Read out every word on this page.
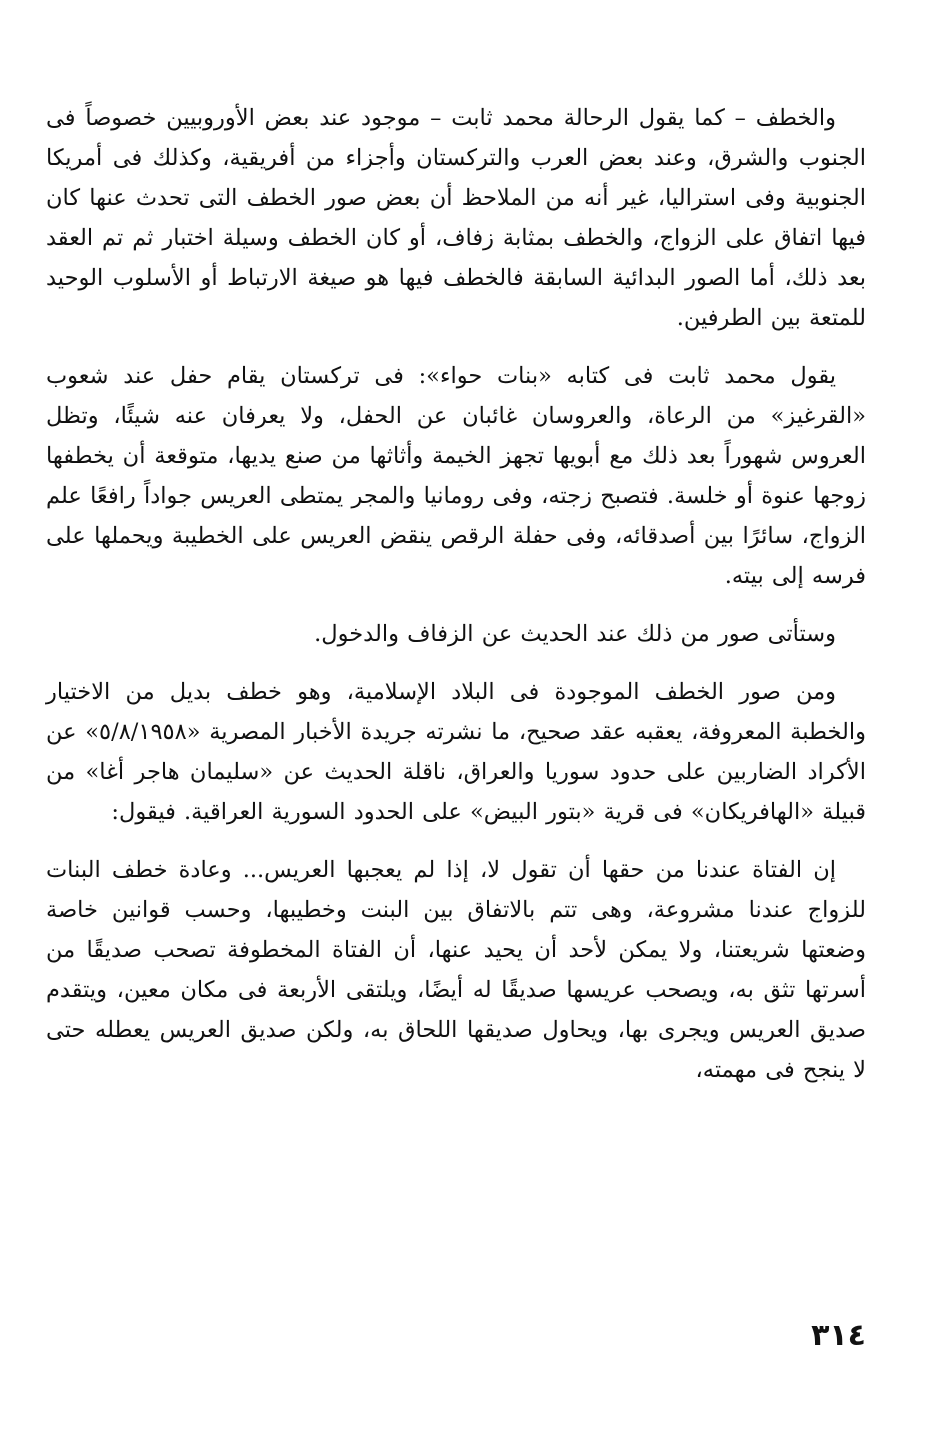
والخطف – كما يقول الرحالة محمد ثابت – موجود عند بعض الأوروبيين خصوصاً فى الجنوب والشرق، وعند بعض العرب والتركستان وأجزاء من أفريقية، وكذلك فى أمريكا الجنوبية وفى استراليا، غير أنه من الملاحظ أن بعض صور الخطف التى تحدث عنها كان فيها اتفاق على الزواج، والخطف بمثابة زفاف، أو كان الخطف وسيلة اختبار ثم تم العقد بعد ذلك، أما الصور البدائية السابقة فالخطف فيها هو صيغة الارتباط أو الأسلوب الوحيد للمتعة بين الطرفين.

يقول محمد ثابت فى كتابه «بنات حواء»: فى تركستان يقام حفل عند شعوب «القرغيز» من الرعاة، والعروسان غائبان عن الحفل، ولا يعرفان عنه شيئًا، وتظل العروس شهوراً بعد ذلك مع أبويها تجهز الخيمة وأثاثها من صنع يديها، متوقعة أن يخطفها زوجها عنوة أو خلسة. فتصبح زجته، وفى رومانيا والمجر يمتطى العريس جواداً رافعًا علم الزواج، سائرًا بين أصدقائه، وفى حفلة الرقص ينقض العريس على الخطيبة ويحملها على فرسه إلى بيته.

وستأتى صور من ذلك عند الحديث عن الزفاف والدخول.

ومن صور الخطف الموجودة فى البلاد الإسلامية، وهو خطف بديل من الاختيار والخطبة المعروفة، يعقبه عقد صحيح، ما نشرته جريدة الأخبار المصرية «٥/٨/١٩٥٨» عن الأكراد الضاربين على حدود سوريا والعراق، ناقلة الحديث عن «سليمان هاجر أغا» من قبيلة «الهافريكان» فى قرية «بتور البيض» على الحدود السورية العراقية. فيقول:

إن الفتاة عندنا من حقها أن تقول لا، إذا لم يعجبها العريس... وعادة خطف البنات للزواج عندنا مشروعة، وهى تتم بالاتفاق بين البنت وخطيبها، وحسب قوانين خاصة وضعتها شريعتنا، ولا يمكن لأحد أن يحيد عنها، أن الفتاة المخطوفة تصحب صديقًا من أسرتها تثق به، ويصحب عريسها صديقًا له أيضًا، ويلتقى الأربعة فى مكان معين، ويتقدم صديق العريس ويجرى بها، ويحاول صديقها اللحاق به، ولكن صديق العريس يعطله حتى لا ينجح فى مهمته،

٣١٤
